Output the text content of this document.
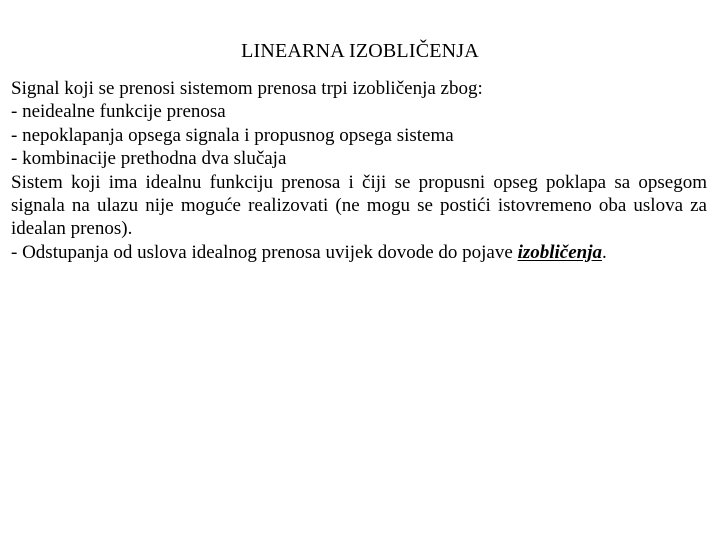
LINEARNA IZOBLIČENJA
Signal koji se prenosi sistemom prenosa trpi izobličenja zbog:
- neidealne funkcije prenosa
- nepoklapanja opsega signala i propusnog opsega sistema
- kombinacije prethodna dva slučaja
Sistem koji ima idealnu funkciju prenosa i čiji se propusni opseg poklapa sa opsegom signala na ulazu nije moguće realizovati (ne mogu se postići istovremeno oba uslova za idealan prenos).
- Odstupanja od uslova idealnog prenosa uvijek dovode do pojave izobličenja.
